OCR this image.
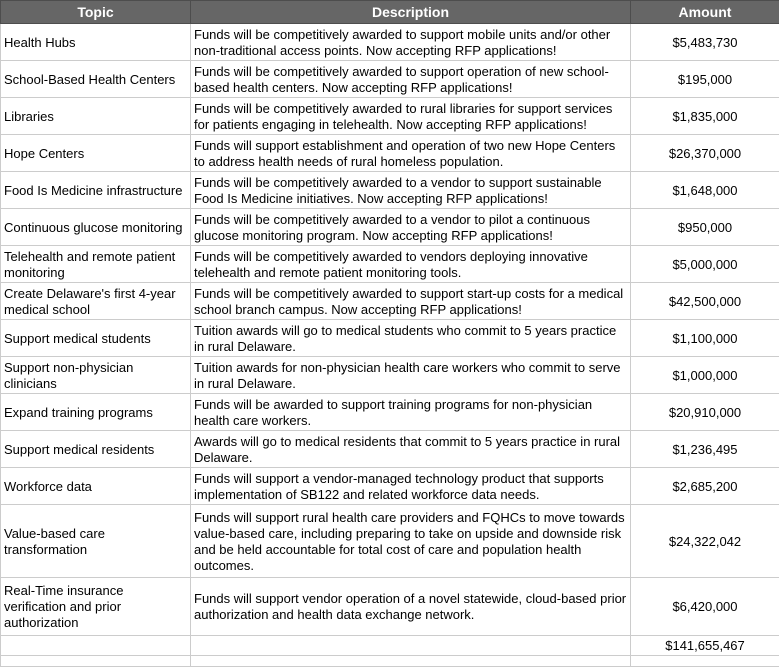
Topic	Description	Amount
Health Hubs	Funds will be competitively awarded to support mobile units and/or other non-traditional access points. Now accepting RFP applications!	$5,483,730
School-Based Health Centers	Funds will be competitively awarded to support operation of new school-based health centers. Now accepting RFP applications!	$195,000
Libraries	Funds will be competitively awarded to rural libraries for support services for patients engaging in telehealth. Now accepting RFP applications!	$1,835,000
Hope Centers	Funds will support establishment and operation of two new Hope Centers to address health needs of rural homeless population.	$26,370,000
Food Is Medicine infrastructure	Funds will be competitively awarded to a vendor to support sustainable Food Is Medicine initiatives. Now accepting RFP applications!	$1,648,000
Continuous glucose monitoring	Funds will be competitively awarded to a vendor to pilot a continuous glucose monitoring program. Now accepting RFP applications!	$950,000
Telehealth and remote patient monitoring	Funds will be competitively awarded to vendors deploying innovative telehealth and remote patient monitoring tools.	$5,000,000
Create Delaware's first 4-year medical school	Funds will be competitively awarded to support start-up costs for a medical school branch campus. Now accepting RFP applications!	$42,500,000
Support medical students	Tuition awards will go to medical students who commit to 5 years practice in rural Delaware.	$1,100,000
Support non-physician clinicians	Tuition awards for non-physician health care workers who commit to serve in rural Delaware.	$1,000,000
Expand training programs	Funds will be awarded to support training programs for non-physician health care workers.	$20,910,000
Support medical residents	Awards will go to medical residents that commit to 5 years practice in rural Delaware.	$1,236,495
Workforce data	Funds will support a vendor-managed technology product that supports implementation of SB122 and related workforce data needs.	$2,685,200
Value-based care transformation	Funds will support rural health care providers and FQHCs to move towards value-based care, including preparing to take on upside and downside risk and be held accountable for total cost of care and population health outcomes.	$24,322,042
Real-Time insurance verification and prior authorization	Funds will support vendor operation of a novel statewide, cloud-based prior authorization and health data exchange network.	$6,420,000
		$141,655,467
